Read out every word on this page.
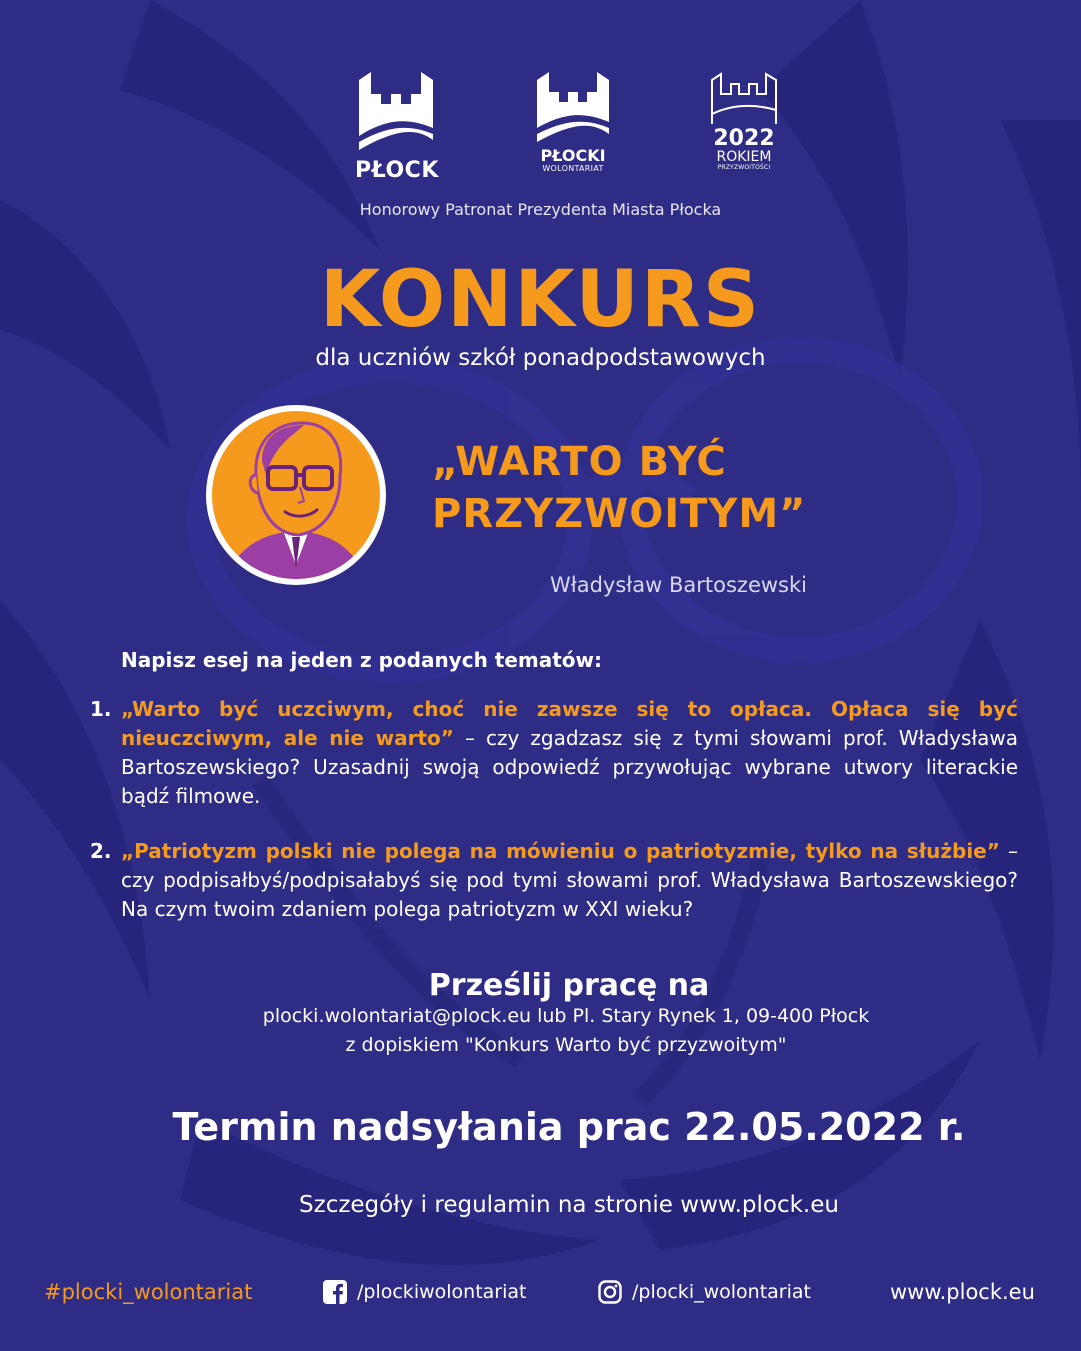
PŁOCK
PŁOCKI
WOLONTARIAT
2022
ROKIEM
PRZYZWOITOŚCI
Honorowy Patronat Prezydenta Miasta Płocka
KONKURS
dla uczniów szkół ponadpodstawowych
„WARTO BYĆ
PRZYZWOITYM”
Władysław Bartoszewski
Napisz esej na jeden z podanych tematów:
1. „Warto być uczciwym, choć nie zawsze się to opłaca. Opłaca się być nieuczciwym, ale nie warto” – czy zgadzasz się z tymi słowami prof. Władysława Bartoszewskiego? Uzasadnij swoją odpowiedź przywołując wybrane utwory literackie bądź filmowe.
2. „Patriotyzm polski nie polega na mówieniu o patriotyzmie, tylko na służbie” – czy podpisałbyś/podpisałabyś się pod tymi słowami prof. Władysława Bartoszewskiego? Na czym twoim zdaniem polega patriotyzm w XXI wieku?
Prześlij pracę na
plocki.wolontariat@plock.eu lub Pl. Stary Rynek 1, 09-400 Płock
z dopiskiem "Konkurs Warto być przyzwoitym"
Termin nadsyłania prac 22.05.2022 r.
Szczegóły i regulamin na stronie www.plock.eu
#plocki_wolontariat	/plockiwolontariat	/plocki_wolontariat	www.plock.eu
